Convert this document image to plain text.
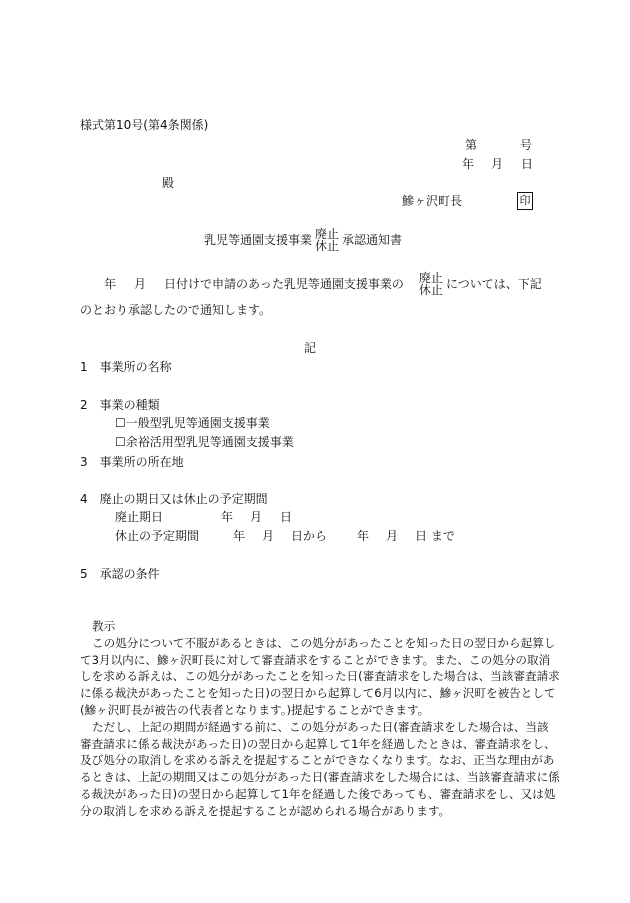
様式第10号(第4条関係)
第	号
年 月 日
殿
鰺ヶ沢町長	印
乳児等通園支援事業 廃止
休止 承認通知書
年 月 日付けで申請のあった乳児等通園支援事業の 廃止
休止 については、下記
のとおり承認したので通知します。
記
1　事業所の名称
2　事業の種類
☐一般型乳児等通園支援事業
☐余裕活用型乳児等通園支援事業
3　事業所の所在地
4　廃止の期日又は休止の予定期間
廃止期日	年 月 日
休止の予定期間	年 月 日から 年 月 日 まで
5　承認の条件

教示

この処分について不服があるときは、この処分があったことを知った日の翌日から起算して3月以内に、鰺ヶ沢町長に対して審査請求をすることができます。また、この処分の取消しを求める訴えは、この処分があったことを知った日(審査請求をした場合は、当該審査請求に係る裁決があったことを知った日)の翌日から起算して6月以内に、鰺ヶ沢町を被告として(鰺ヶ沢町長が被告の代表者となります。)提起することができます。

ただし、上記の期間が経過する前に、この処分があった日(審査請求をした場合は、当該審査請求に係る裁決があった日)の翌日から起算して1年を経過したときは、審査請求をし、及び処分の取消しを求める訴えを提起することができなくなります。なお、正当な理由があるときは、上記の期間又はこの処分があった日(審査請求をした場合には、当該審査請求に係る裁決があった日)の翌日から起算して1年を経過した後であっても、審査請求をし、又は処分の取消しを求める訴えを提起することが認められる場合があります。
